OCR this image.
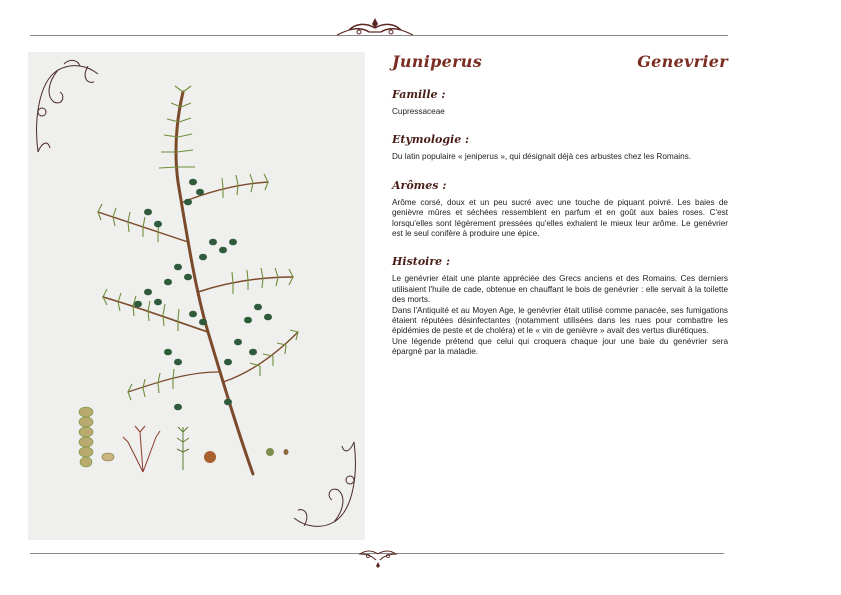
Juniperus	Genevrier
Famille :
Cupressaceae
Etymologie :
Du latin populaire « jeniperus », qui désignait déjà ces arbustes chez les Romains.
Arômes :
Arôme corsé, doux et un peu sucré avec une touche de piquant poivré. Les baies de genièvre mûres et séchées ressemblent en parfum et en goût aux baies roses. C'est lorsqu'elles sont légèrement pressées qu'elles exhalent le mieux leur arôme. Le genévrier est le seul conifère à produire une épice.
Histoire :

Le genévrier était une plante appréciée des Grecs anciens et des Romains. Ces derniers utilisaient l'huile de cade, obtenue en chauffant le bois de genévrier : elle servait à la toilette des morts.

Dans l'Antiquité et au Moyen Age, le genévrier était utilisé comme panacée, ses fumigations étaient réputées désinfectantes (notamment utilisées dans les rues pour combattre les épidémies de peste et de choléra) et le « vin de genièvre » avait des vertus diurétiques.

Une légende prétend que celui qui croquera chaque jour une baie du genévrier sera épargné par la maladie.
